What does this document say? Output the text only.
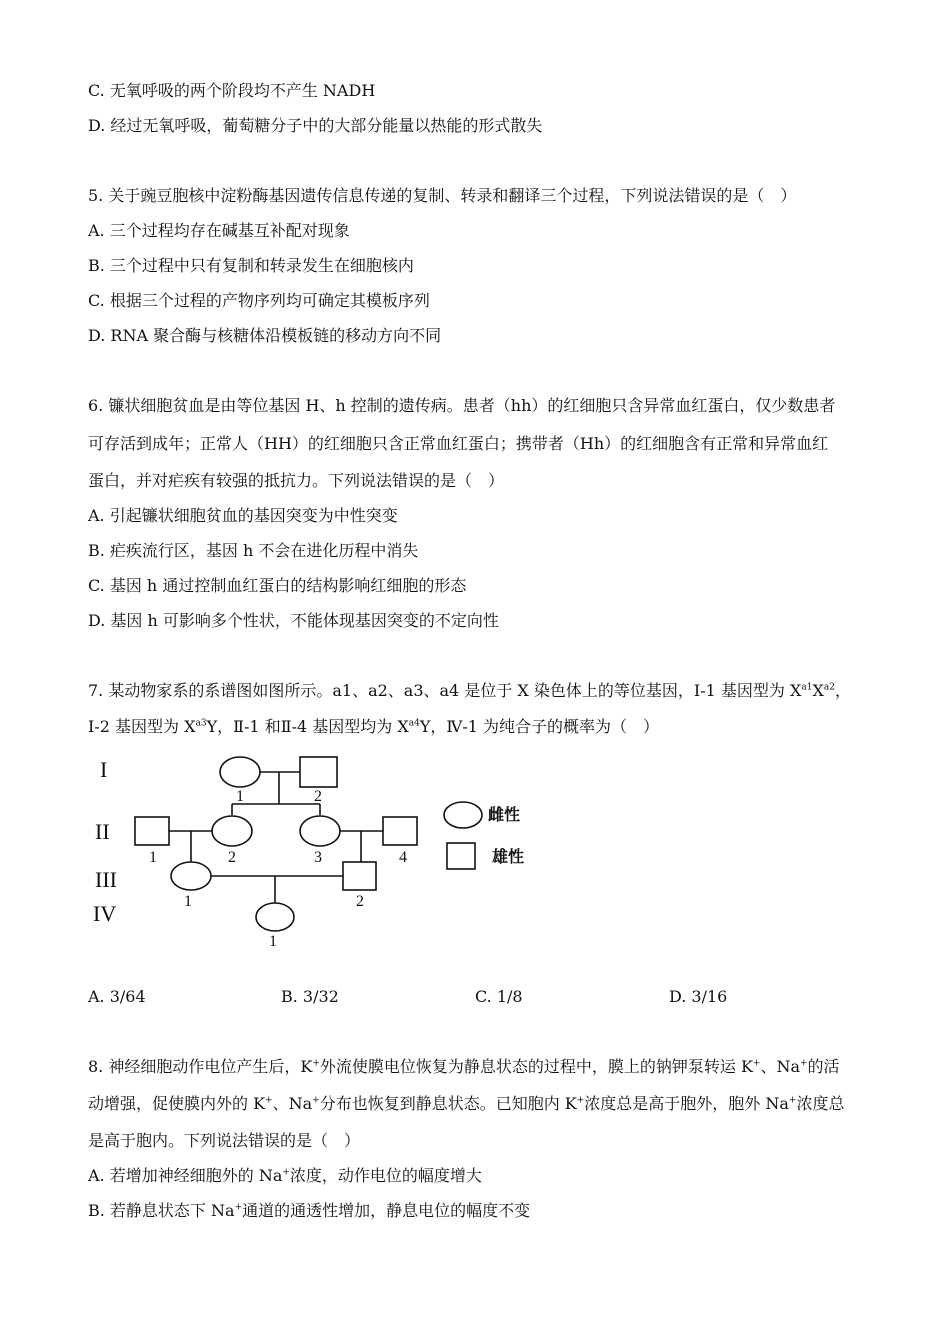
C. 无氧呼吸的两个阶段均不产生 NADH
D. 经过无氧呼吸，葡萄糖分子中的大部分能量以热能的形式散失
5. 关于豌豆胞核中淀粉酶基因遗传信息传递的复制、转录和翻译三个过程，下列说法错误的是（　）
A. 三个过程均存在碱基互补配对现象
B. 三个过程中只有复制和转录发生在细胞核内
C. 根据三个过程的产物序列均可确定其模板序列
D. RNA 聚合酶与核糖体沿模板链的移动方向不同
6. 镰状细胞贫血是由等位基因 H、h 控制的遗传病。患者（hh）的红细胞只含异常血红蛋白，仅少数患者
可存活到成年；正常人（HH）的红细胞只含正常血红蛋白；携带者（Hh）的红细胞含有正常和异常血红
蛋白，并对疟疾有较强的抵抗力。下列说法错误的是（　）
A. 引起镰状细胞贫血的基因突变为中性突变
B. 疟疾流行区，基因 h 不会在进化历程中消失
C. 基因 h 通过控制血红蛋白的结构影响红细胞的形态
D. 基因 h 可影响多个性状，不能体现基因突变的不定向性
7. 某动物家系的系谱图如图所示。a1、a2、a3、a4 是位于 X 染色体上的等位基因，Ⅰ-1 基因型为 $X^{a1}X^{a2}$，
Ⅰ-2 基因型为 $X^{a3}Y$，Ⅱ-1 和Ⅱ-4 基因型均为 $X^{a4}Y$，Ⅳ-1 为纯合子的概率为（　）
I
II
III
IV
1	2
1	2	3	4
1	2
1
雌性
雄性
A. 3/64	B. 3/32	C. 1/8	D. 3/16
8. 神经细胞动作电位产生后，K+外流使膜电位恢复为静息状态的过程中，膜上的钠钾泵转运 K+、Na+的活
动增强，促使膜内外的 K+、Na+分布也恢复到静息状态。已知胞内 K+浓度总是高于胞外，胞外 Na+浓度总
是高于胞内。下列说法错误的是（　）
A. 若增加神经细胞外的 Na+浓度，动作电位的幅度增大
B. 若静息状态下 Na+通道的通透性增加，静息电位的幅度不变
